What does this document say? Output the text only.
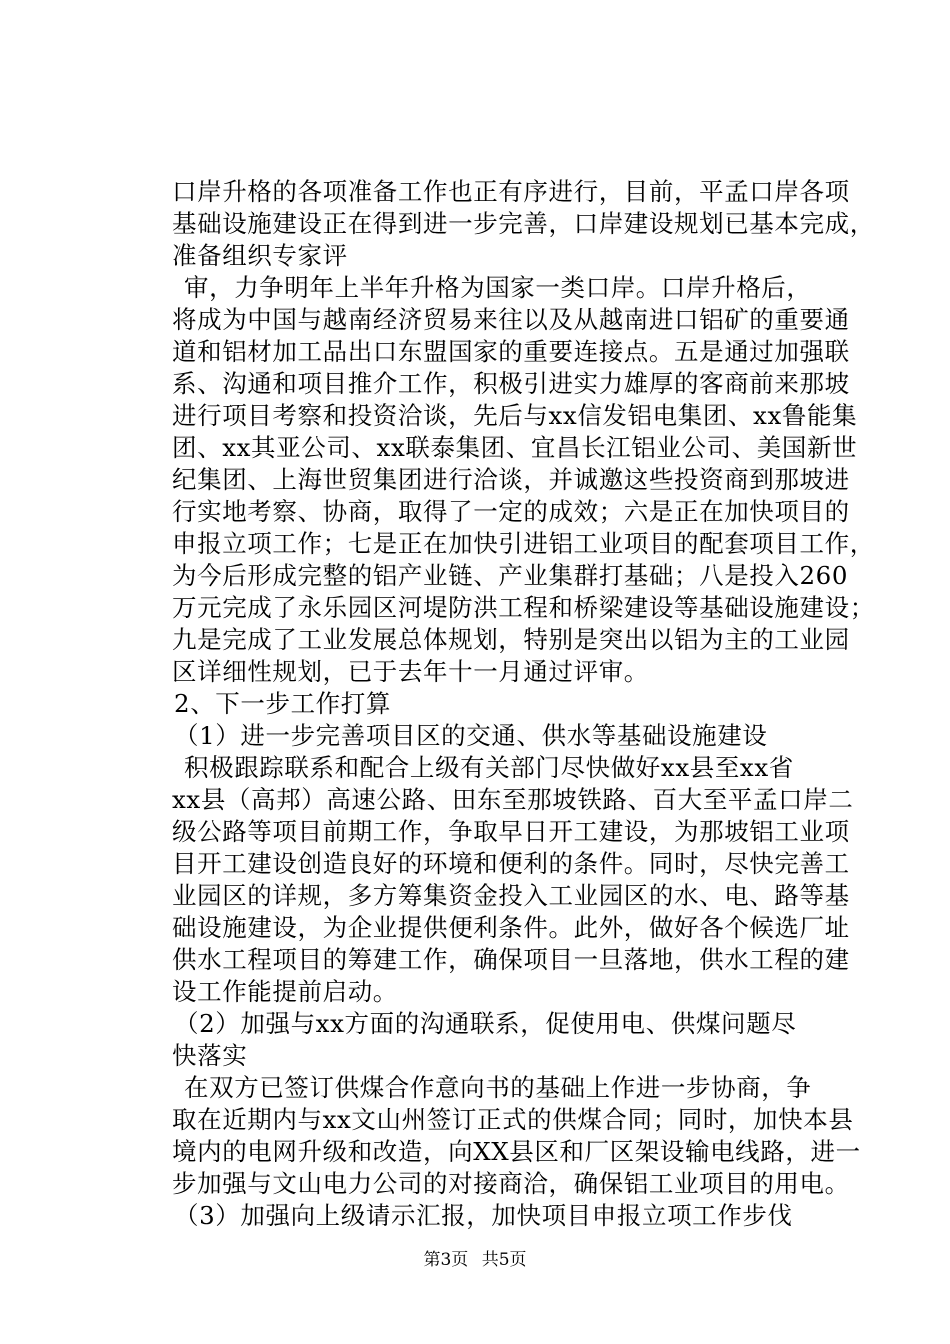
口岸升格的各项准备工作也正有序进行，目前，平孟口岸各项
基础设施建设正在得到进一步完善，口岸建设规划已基本完成，
准备组织专家评
审，力争明年上半年升格为国家一类口岸。口岸升格后，
将成为中国与越南经济贸易来往以及从越南进口铝矿的重要通
道和铝材加工品出口东盟国家的重要连接点。五是通过加强联
系、沟通和项目推介工作，积极引进实力雄厚的客商前来那坡
进行项目考察和投资洽谈，先后与xx信发铝电集团、xx鲁能集
团、xx其亚公司、xx联泰集团、宜昌长江铝业公司、美国新世
纪集团、上海世贸集团进行洽谈，并诚邀这些投资商到那坡进
行实地考察、协商，取得了一定的成效；六是正在加快项目的
申报立项工作；七是正在加快引进铝工业项目的配套项目工作，
为今后形成完整的铝产业链、产业集群打基础；八是投入260
万元完成了永乐园区河堤防洪工程和桥梁建设等基础设施建设；
九是完成了工业发展总体规划，特别是突出以铝为主的工业园
区详细性规划，已于去年十一月通过评审。
2、下一步工作打算
（1）进一步完善项目区的交通、供水等基础设施建设
积极跟踪联系和配合上级有关部门尽快做好xx县至xx省
xx县（高邦）高速公路、田东至那坡铁路、百大至平孟口岸二
级公路等项目前期工作，争取早日开工建设，为那坡铝工业项
目开工建设创造良好的环境和便利的条件。同时，尽快完善工
业园区的详规，多方筹集资金投入工业园区的水、电、路等基
础设施建设，为企业提供便利条件。此外，做好各个候选厂址
供水工程项目的筹建工作，确保项目一旦落地，供水工程的建
设工作能提前启动。
（2）加强与xx方面的沟通联系，促使用电、供煤问题尽
快落实
在双方已签订供煤合作意向书的基础上作进一步协商，争
取在近期内与xx文山州签订正式的供煤合同；同时，加快本县
境内的电网升级和改造，向XX县区和厂区架设输电线路，进一
步加强与文山电力公司的对接商洽，确保铝工业项目的用电。
（3）加强向上级请示汇报，加快项目申报立项工作步伐
第3页 共5页
